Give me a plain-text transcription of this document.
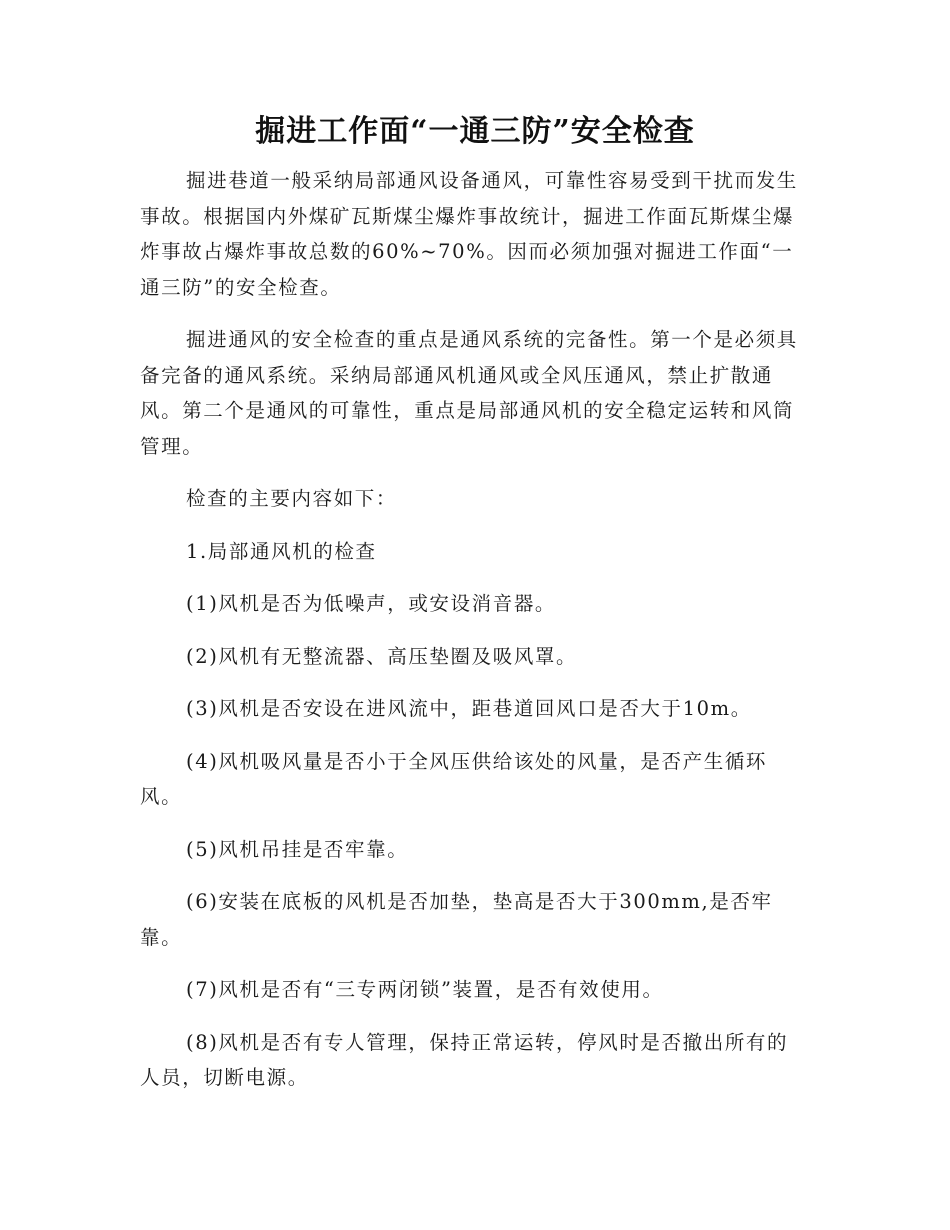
掘进工作面“一通三防”安全检查

掘进巷道一般采纳局部通风设备通风，可靠性容易受到干扰而发生事故。根据国内外煤矿瓦斯煤尘爆炸事故统计，掘进工作面瓦斯煤尘爆炸事故占爆炸事故总数的60%~70%。因而必须加强对掘进工作面“一通三防”的安全检查。

掘进通风的安全检查的重点是通风系统的完备性。第一个是必须具备完备的通风系统。采纳局部通风机通风或全风压通风，禁止扩散通风。第二个是通风的可靠性，重点是局部通风机的安全稳定运转和风筒管理。

检查的主要内容如下：

1.局部通风机的检查

(1)风机是否为低噪声，或安设消音器。

(2)风机有无整流器、高压垫圈及吸风罩。

(3)风机是否安设在进风流中，距巷道回风口是否大于10m。

(4)风机吸风量是否小于全风压供给该处的风量，是否产生循环风。

(5)风机吊挂是否牢靠。

(6)安装在底板的风机是否加垫，垫高是否大于300mm,是否牢靠。

(7)风机是否有“三专两闭锁”装置，是否有效使用。

(8)风机是否有专人管理，保持正常运转，停风时是否撤出所有的人员，切断电源。
